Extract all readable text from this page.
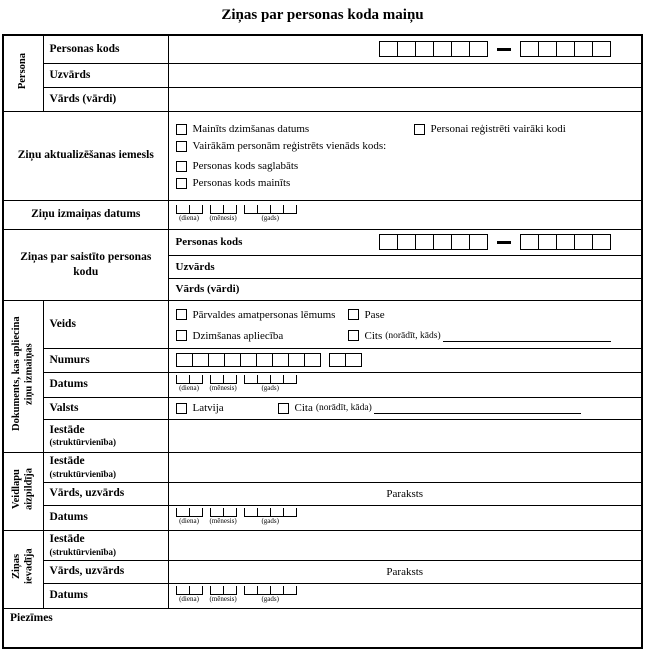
Ziņas par personas koda maiņu
Persona	Personas kods	

	Uzvārds	
	Vārds (vārdi)	
Ziņu aktualizēšanas iemesls		Mainīts dzimšanas datums Personai reģistrēti vairāki kodi
Vairākām personām reģistrēts vienāds kods:
Personas kods saglabāts
Personas kods mainīts

Ziņu izmaiņas datums		(diena) (mēnesis) (gads)

Ziņas par saistīto personas kodu		Personas kods

		Uzvārds

		Vārds (vārdi)

Dokuments, kas apliecina ziņu izmaiņas	Veids	Pārvaldes amatpersonas lēmums Pase
Dzimšanas apliecība Cits (norādīt, kāds)

	Numurs	

	Datums	(diena) (mēnesis) (gads)

	Valsts	Latvija Cita (norādīt, kāda)

	Iestāde
(struktūrvienība)	

Veidlapu aizpildīja	Iestāde
(struktūrvienība)	

	Vārds, uzvārds	Paraksts
	Datums	(diena) (mēnesis) (gads)

Ziņas ievadīja	Iestāde
(struktūrvienība)	

	Vārds, uzvārds	Paraksts
	Datums	(diena) (mēnesis) (gads)

Piezīmes		
